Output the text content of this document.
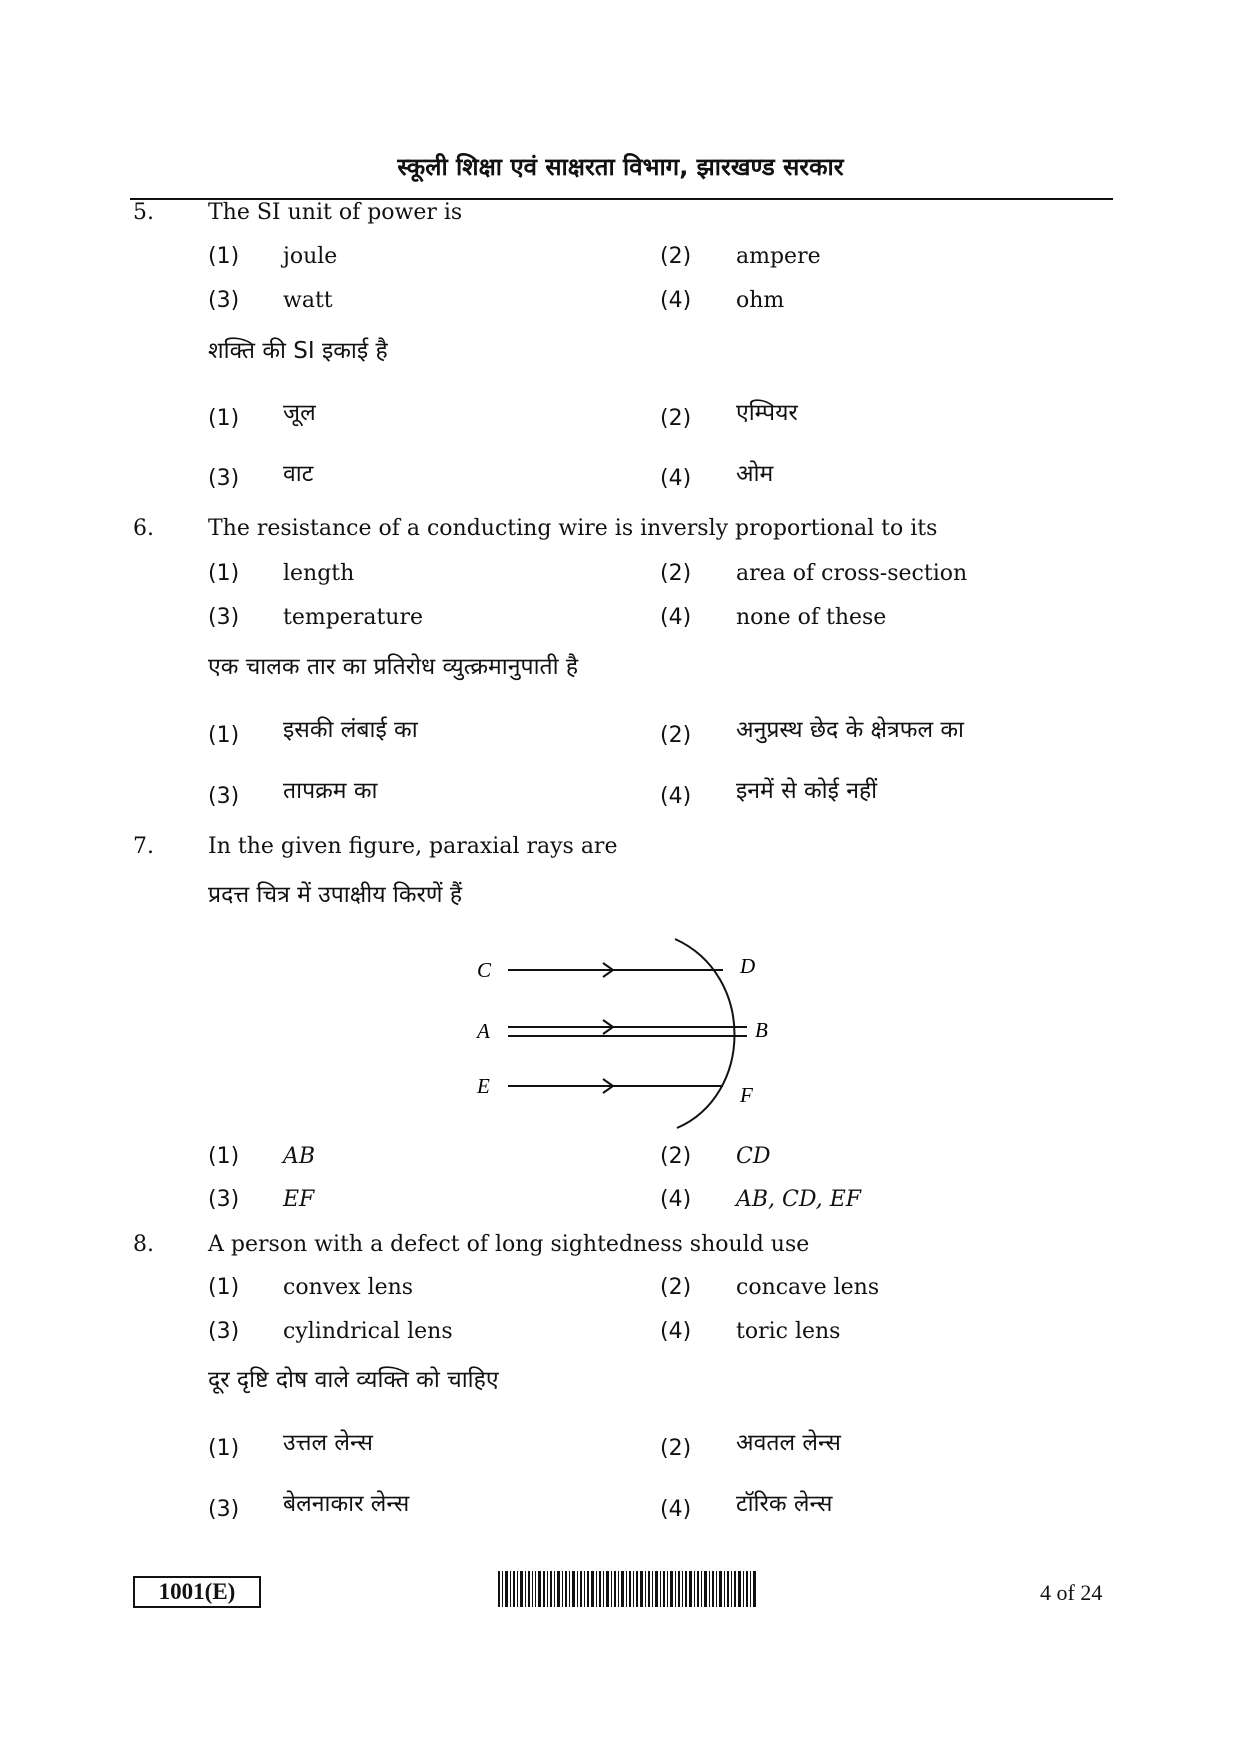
स्कूली शिक्षा एवं साक्षरता विभाग, झारखण्ड सरकार
5. The SI unit of power is
(1) joule	(2) ampere
(3) watt	(4) ohm
शक्ति की SI इकाई है
(1) जूल	(2) एम्पियर
(3) वाट	(4) ओम
6. The resistance of a conducting wire is inversly proportional to its
(1) length	(2) area of cross-section
(3) temperature	(4) none of these
एक चालक तार का प्रतिरोध व्युत्क्रमानुपाती है
(1) इसकी लंबाई का	(2) अनुप्रस्थ छेद के क्षेत्रफल का
(3) तापक्रम का	(4) इनमें से कोई नहीं
7. In the given figure, paraxial rays are
प्रदत्त चित्र में उपाक्षीय किरणें हैं
C
A
E
D
B
F
(1) AB	(2) CD
(3) EF	(4) AB, CD, EF
8. A person with a defect of long sightedness should use
(1) convex lens	(2) concave lens
(3) cylindrical lens	(4) toric lens
दूर दृष्टि दोष वाले व्यक्ति को चाहिए
(1) उत्तल लेन्स	(2) अवतल लेन्स
(3) बेलनाकार लेन्स	(4) टॉरिक लेन्स
1001(E)	4 of 24
